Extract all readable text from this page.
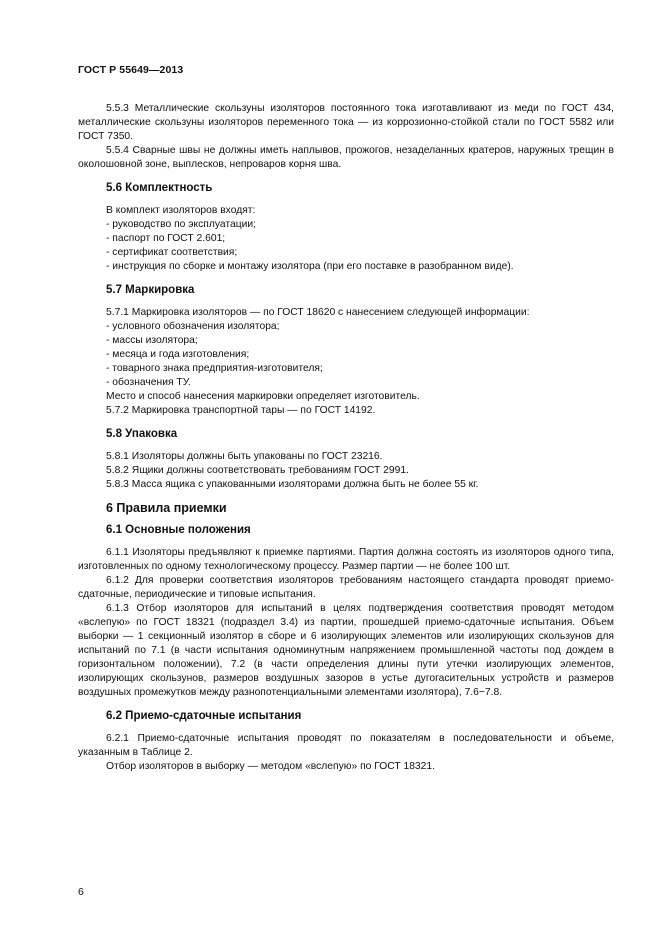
ГОСТ Р 55649—2013

5.5.3 Металлические скользуны изоляторов постоянного тока изготавливают из меди по ГОСТ 434, металлические скользуны изоляторов переменного тока — из коррозионно-стойкой стали по ГОСТ 5582 или ГОСТ 7350.

5.5.4 Сварные швы не должны иметь наплывов, прожогов, незаделанных кратеров, наружных трещин в околошовной зоне, выплесков, непроваров корня шва.

5.6 Комплектность

В комплект изоляторов входят:

- руководство по эксплуатации;

- паспорт по ГОСТ 2.601;

- сертификат соответствия;

- инструкция по сборке и монтажу изолятора (при его поставке в разобранном виде).

5.7 Маркировка

5.7.1 Маркировка изоляторов — по ГОСТ 18620 с нанесением следующей информации:

- условного обозначения изолятора;

- массы изолятора;

- месяца и года изготовления;

- товарного знака предприятия-изготовителя;

- обозначения ТУ.

Место и способ нанесения маркировки определяет изготовитель.

5.7.2 Маркировка транспортной тары — по ГОСТ 14192.

5.8 Упаковка

5.8.1 Изоляторы должны быть упакованы по ГОСТ 23216.

5.8.2 Ящики должны соответствовать требованиям ГОСТ 2991.

5.8.3 Масса ящика с упакованными изоляторами должна быть не более 55 кг.

6 Правила приемки
6.1 Основные положения

6.1.1 Изоляторы предъявляют к приемке партиями. Партия должна состоять из изоляторов одного типа, изготовленных по одному технологическому процессу. Размер партии — не более 100 шт.

6.1.2 Для проверки соответствия изоляторов требованиям настоящего стандарта проводят приемо-сдаточные, периодические и типовые испытания.

6.1.3 Отбор изоляторов для испытаний в целях подтверждения соответствия проводят методом «вслепую» по ГОСТ 18321 (подраздел 3.4) из партии, прошедшей приемо-сдаточные испытания. Объем выборки — 1 секционный изолятор в сборе и 6 изолирующих элементов или изолирующих скользунов для испытаний по 7.1 (в части испытания одноминутным напряжением промышленной частоты под дождем в горизонтальном положении), 7.2 (в части определения длины пути утечки изолирующих элементов, изолирующих скользунов, размеров воздушных зазоров в устье дугогасительных устройств и размеров воздушных промежутков между разнопотенциальными элементами изолятора), 7.6−7.8.

6.2 Приемо-сдаточные испытания

6.2.1 Приемо-сдаточные испытания проводят по показателям в последовательности и объеме, указанным в Таблице 2.

Отбор изоляторов в выборку — методом «вслепую» по ГОСТ 18321.

6
